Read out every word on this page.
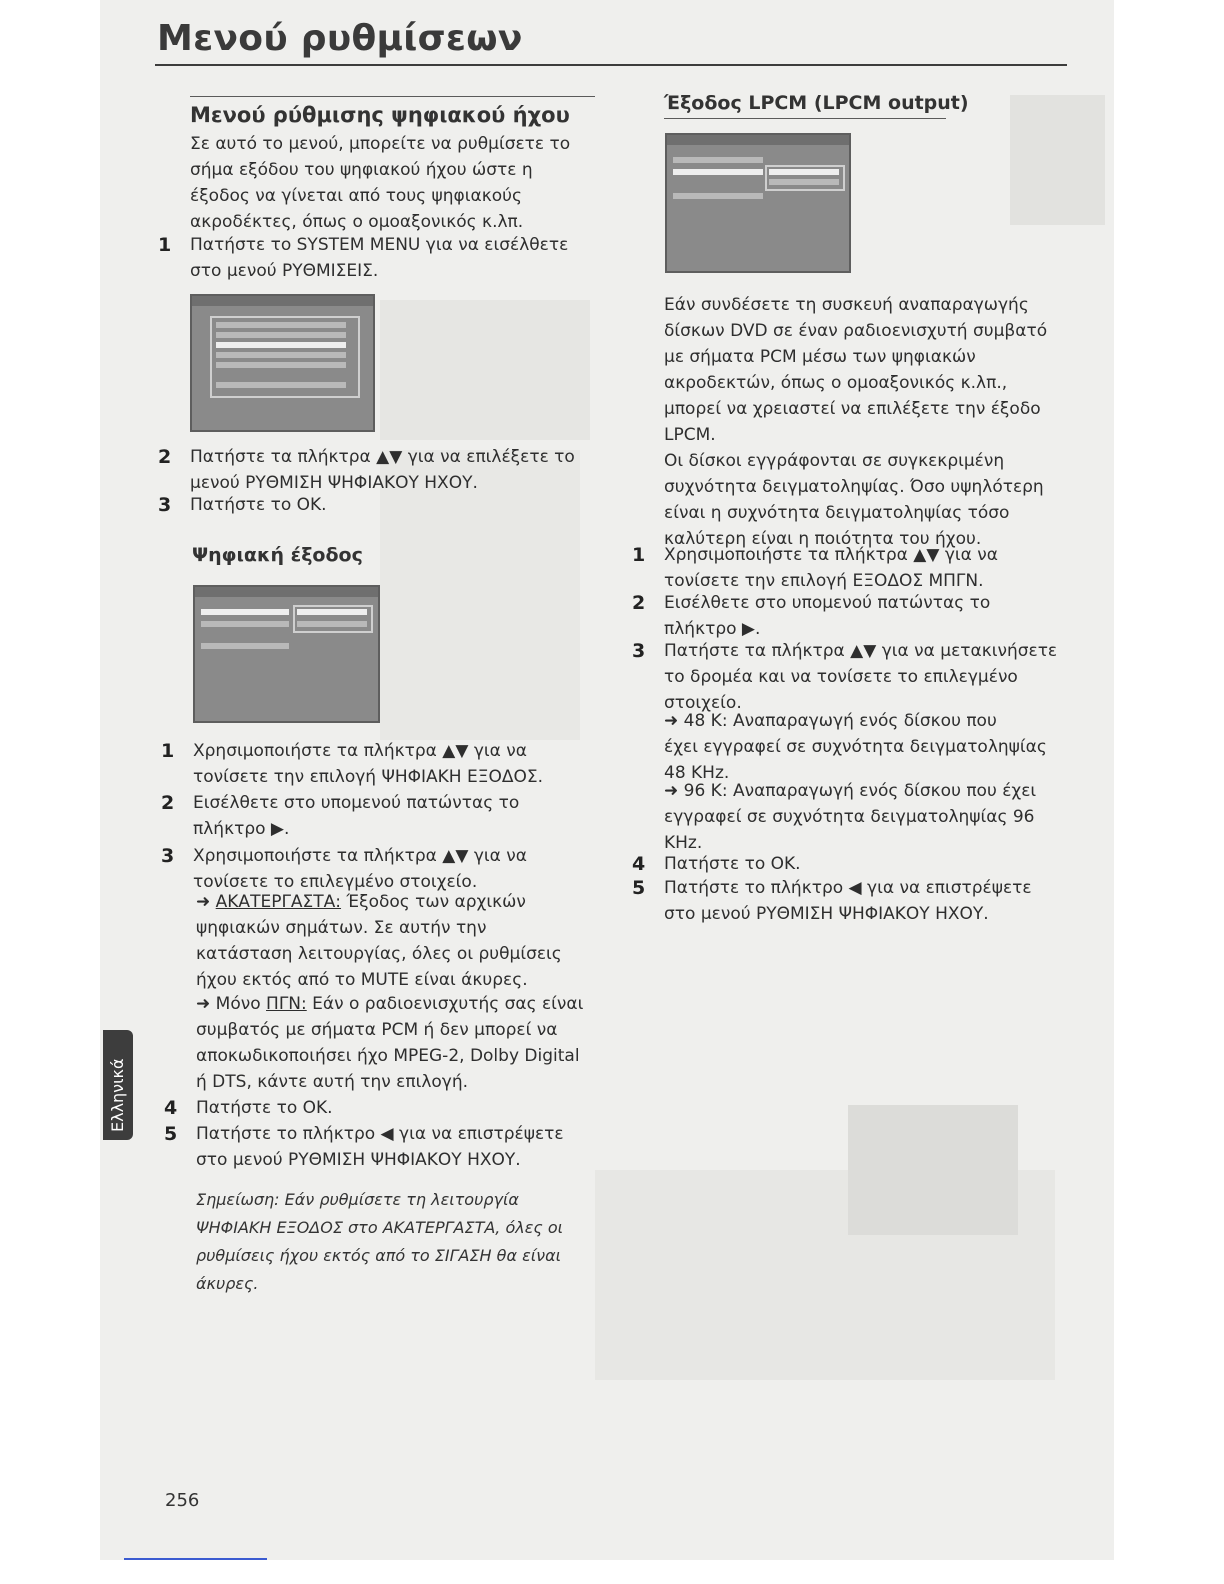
Μενού ρυθμίσεων
Μενού ρύθμισης ψηφιακού ήχου
Σε αυτό το μενού, μπορείτε να ρυθμίσετε το
σήμα εξόδου του ψηφιακού ήχου ώστε η
έξοδος να γίνεται από τους ψηφιακούς
ακροδέκτες, όπως ο ομοαξονικός κ.λπ.
1 Πατήστε το SYSTEM MENU για να εισέλθετε
στο μενού ΡΥΘΜΙΣΕΙΣ.
2 Πατήστε τα πλήκτρα ▲▼ για να επιλέξετε το
μενού ΡΥΘΜΙΣΗ ΨΗΦΙΑΚΟΥ ΗΧΟΥ.
3 Πατήστε το OK.
Ψηφιακή έξοδος
1 Χρησιμοποιήστε τα πλήκτρα ▲▼ για να
τονίσετε την επιλογή ΨΗΦΙΑΚΗ ΕΞΟΔΟΣ.
2 Εισέλθετε στο υπομενού πατώντας το
πλήκτρο ▶.
3 Χρησιμοποιήστε τα πλήκτρα ▲▼ για να
τονίσετε το επιλεγμένο στοιχείο.
➜ ΑΚΑΤΕΡΓΑΣΤΑ: Έξοδος των αρχικών
ψηφιακών σημάτων. Σε αυτήν την
κατάσταση λειτουργίας, όλες οι ρυθμίσεις
ήχου εκτός από το MUTE είναι άκυρες.
➜ Μόνο ΠΓΝ: Εάν ο ραδιοενισχυτής σας είναι
συμβατός με σήματα PCM ή δεν μπορεί να
αποκωδικοποιήσει ήχο MPEG-2, Dolby Digital
ή DTS, κάντε αυτή την επιλογή.
4 Πατήστε το OK.
5 Πατήστε το πλήκτρο ◀ για να επιστρέψετε
στο μενού ΡΥΘΜΙΣΗ ΨΗΦΙΑΚΟΥ ΗΧΟΥ.
Σημείωση: Εάν ρυθμίσετε τη λειτουργία
ΨΗΦΙΑΚΗ ΕΞΟΔΟΣ στο ΑΚΑΤΕΡΓΑΣΤΑ, όλες οι
ρυθμίσεις ήχου εκτός από το ΣΙΓΑΣΗ θα είναι
άκυρες.
Έξοδος LPCM (LPCM output)
Εάν συνδέσετε τη συσκευή αναπαραγωγής
δίσκων DVD σε έναν ραδιοενισχυτή συμβατό
με σήματα PCM μέσω των ψηφιακών
ακροδεκτών, όπως ο ομοαξονικός κ.λπ.,
μπορεί να χρειαστεί να επιλέξετε την έξοδο
LPCM.
Οι δίσκοι εγγράφονται σε συγκεκριμένη
συχνότητα δειγματοληψίας. Όσο υψηλότερη
είναι η συχνότητα δειγματοληψίας τόσο
καλύτερη είναι η ποιότητα του ήχου.
1 Χρησιμοποιήστε τα πλήκτρα ▲▼ για να
τονίσετε την επιλογή ΕΞΟΔΟΣ ΜΠΓΝ.
2 Εισέλθετε στο υπομενού πατώντας το
πλήκτρο ▶.
3 Πατήστε τα πλήκτρα ▲▼ για να μετακινήσετε
το δρομέα και να τονίσετε το επιλεγμένο
στοιχείο.
➜ 48 K: Αναπαραγωγή ενός δίσκου που
έχει εγγραφεί σε συχνότητα δειγματοληψίας
48 KHz.
➜ 96 K: Αναπαραγωγή ενός δίσκου που έχει
εγγραφεί σε συχνότητα δειγματοληψίας 96
KHz.
4 Πατήστε το OK.
5 Πατήστε το πλήκτρο ◀ για να επιστρέψετε
στο μενού ΡΥΘΜΙΣΗ ΨΗΦΙΑΚΟΥ ΗΧΟΥ.
Ελληνικά
256
